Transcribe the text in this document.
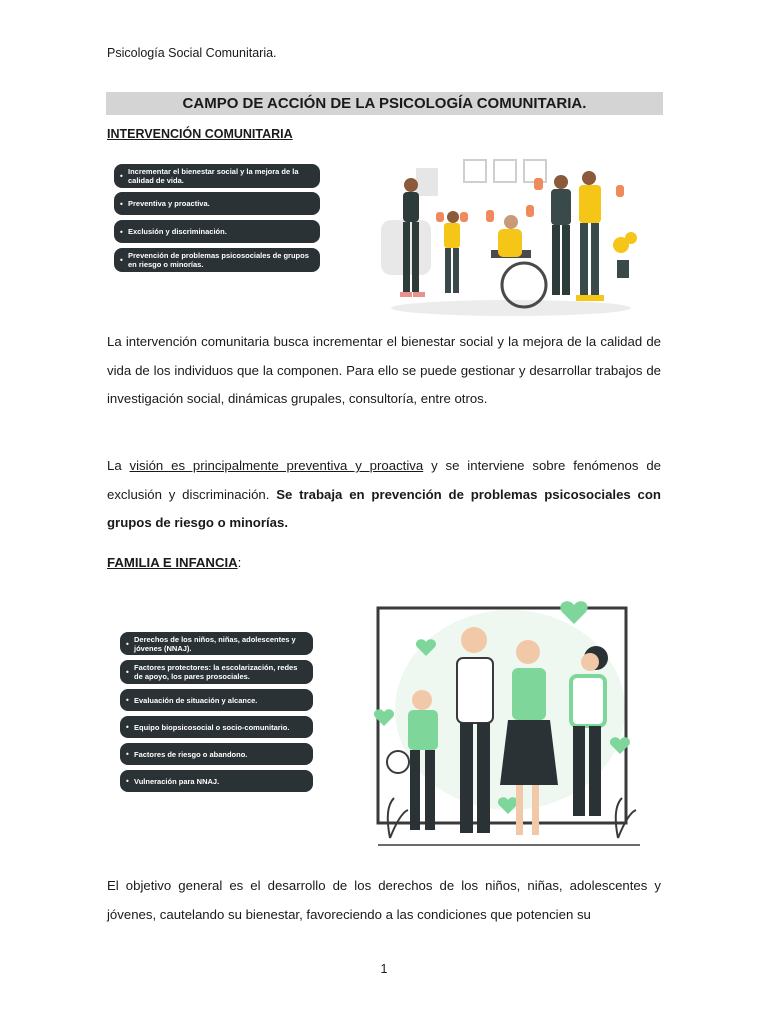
Psicología Social Comunitaria.
CAMPO DE ACCIÓN DE LA PSICOLOGÍA COMUNITARIA.
INTERVENCIÓN COMUNITARIA
• Incrementar el bienestar social y la mejora de la calidad de vida.
• Preventiva y proactiva.
• Exclusión y discriminación.
• Prevención de problemas psicosociales de grupos en riesgo o minorías.

La intervención comunitaria busca incrementar el bienestar social y la mejora de la calidad de vida de los individuos que la componen. Para ello se puede gestionar y desarrollar trabajos de investigación social, dinámicas grupales, consultoría, entre otros.

La visión es principalmente preventiva y proactiva y se interviene sobre fenómenos de exclusión y discriminación. Se trabaja en prevención de problemas psicosociales con grupos de riesgo o minorías.

FAMILIA E INFANCIA:
• Derechos de los niños, niñas, adolescentes y jóvenes (NNAJ).
• Factores protectores: la escolarización, redes de apoyo, los pares prosociales.
• Evaluación de situación y alcance.
• Equipo biopsicosocial o socio-comunitario.
• Factores de riesgo o abandono.
• Vulneración para NNAJ.

El objetivo general es el desarrollo de los derechos de los niños, niñas, adolescentes y jóvenes, cautelando su bienestar, favoreciendo a las condiciones que potencien su

1
